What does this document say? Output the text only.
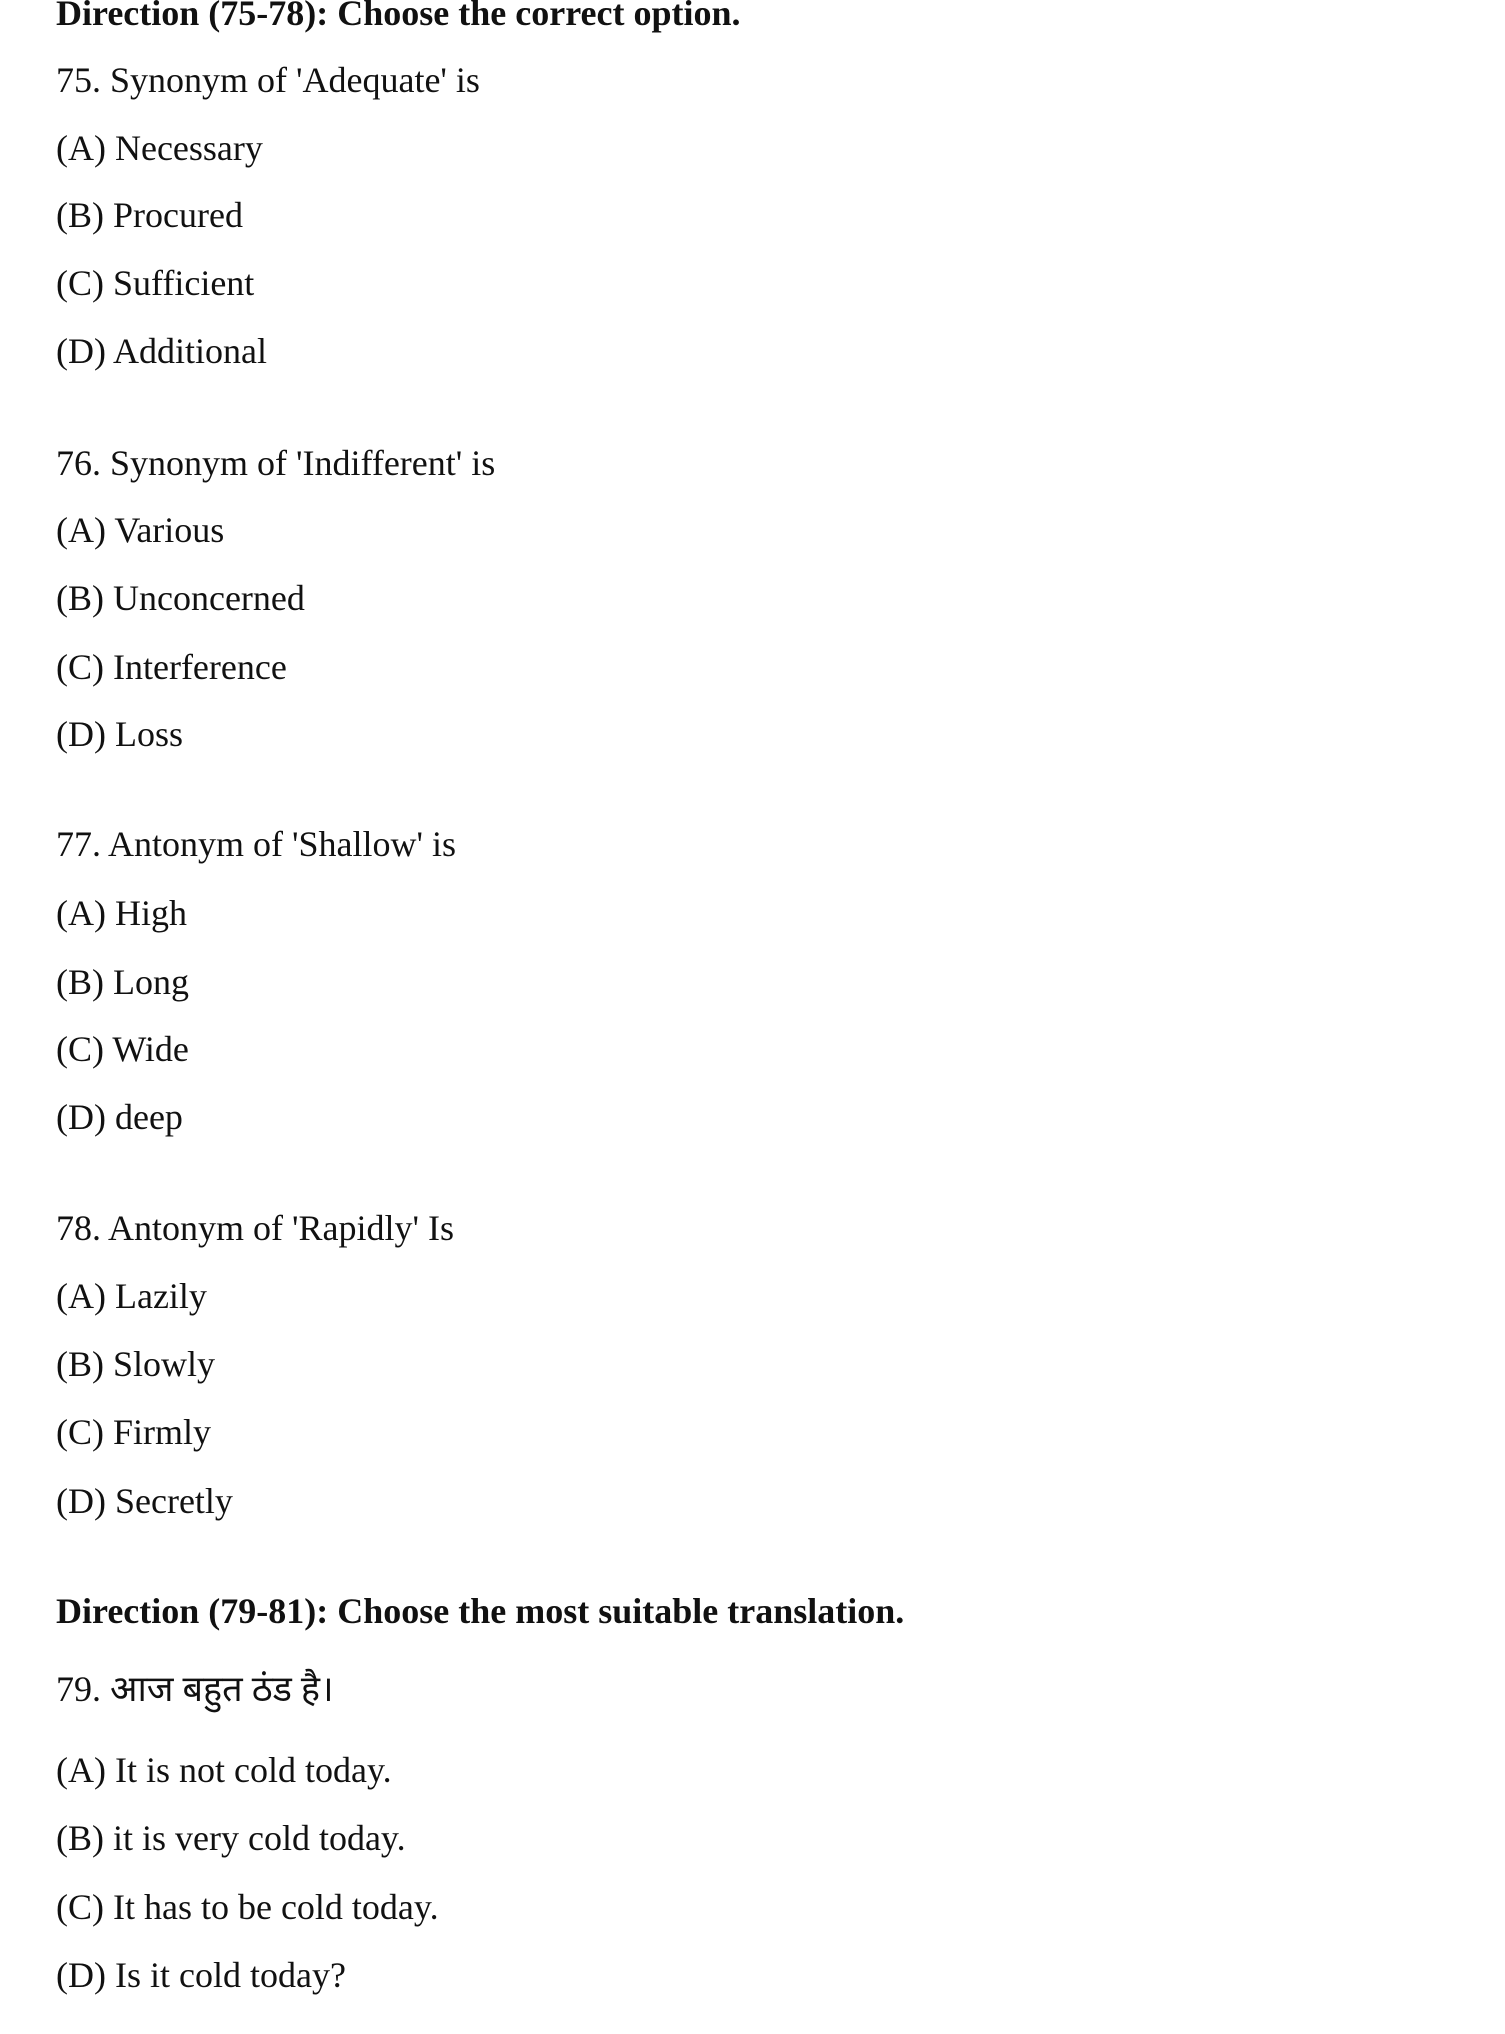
Direction (75-78): Choose the correct option.
75. Synonym of 'Adequate' is
(A) Necessary
(B) Procured
(C) Sufficient
(D) Additional
76. Synonym of 'Indifferent' is
(A) Various
(B) Unconcerned
(C) Interference
(D) Loss
77. Antonym of 'Shallow' is
(A) High
(B) Long
(C) Wide
(D) deep
78. Antonym of 'Rapidly' Is
(A) Lazily
(B) Slowly
(C) Firmly
(D) Secretly
Direction (79-81): Choose the most suitable translation.
79. आज बहुत ठंड है।
(A) It is not cold today.
(B) it is very cold today.
(C) It has to be cold today.
(D) Is it cold today?
